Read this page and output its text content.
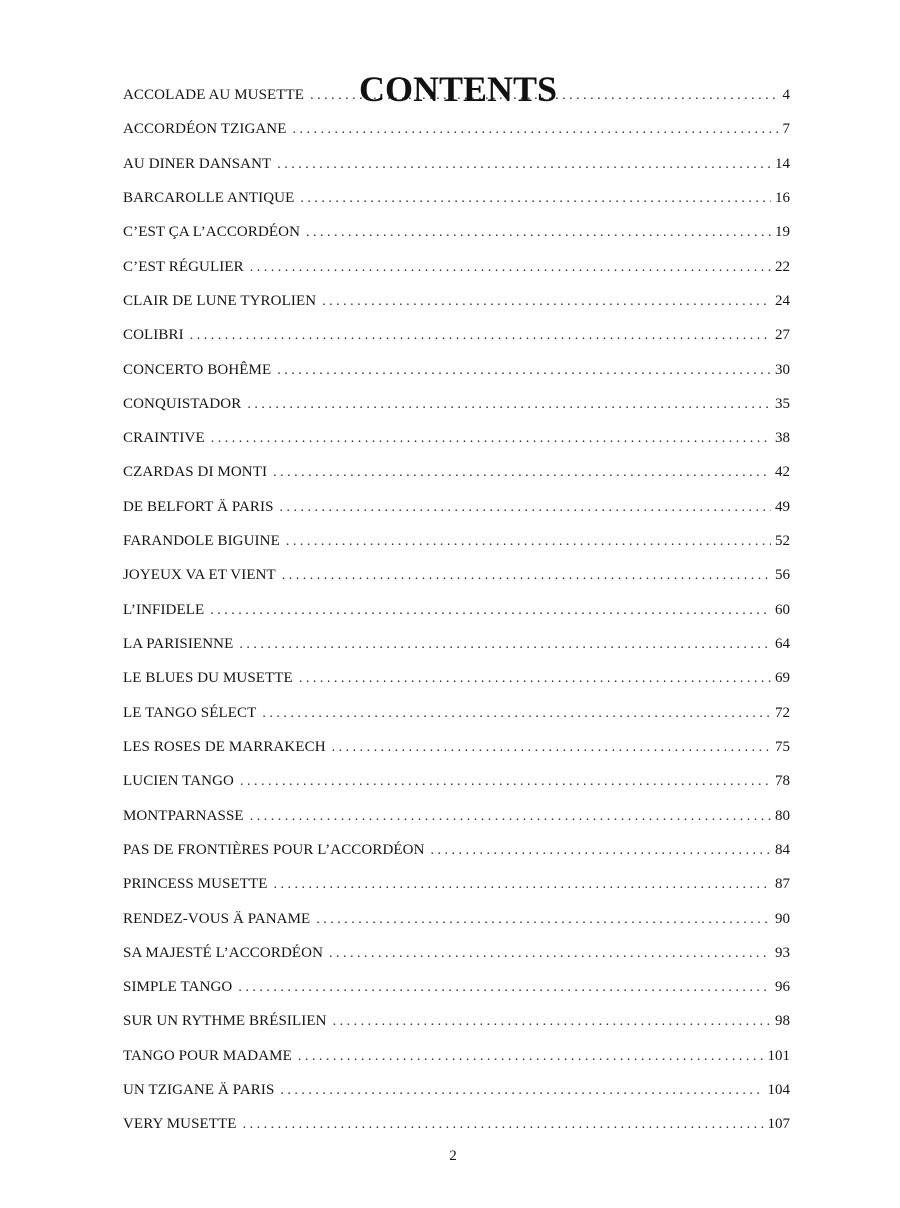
CONTENTS
ACCOLADE AU MUSETTE . . .	4
ACCORDÉON TZIGANE . . .	7
AU DINER DANSANT . . .	14
BARCAROLLE ANTIQUE . . .	16
C’EST ÇA L’ACCORDÉON . . .	19
C’EST RÉGULIER . . .	22
CLAIR DE LUNE TYROLIEN . . .	24
COLIBRI . . .	27
CONCERTO BOHÊME . . .	30
CONQUISTADOR . . .	35
CRAINTIVE . . .	38
CZARDAS DI MONTI . . .	42
DE BELFORT Ä PARIS . . .	49
FARANDOLE BIGUINE . . .	52
JOYEUX VA ET VIENT . . .	56
L’INFIDELE . . .	60
LA PARISIENNE . . .	64
LE BLUES DU MUSETTE . . .	69
LE TANGO SÉLECT . . .	72
LES ROSES DE MARRAKECH . . .	75
LUCIEN TANGO . . .	78
MONTPARNASSE . . .	80
PAS DE FRONTIÈRES POUR L’ACCORDÉON . . .	84
PRINCESS MUSETTE . . .	87
RENDEZ-VOUS Ä PANAME . . .	90
SA MAJESTÉ L’ACCORDÉON . . .	93
SIMPLE TANGO . . .	96
SUR UN RYTHME BRÉSILIEN . . .	98
TANGO POUR MADAME . . .	101
UN TZIGANE Ä PARIS . . .	104
VERY MUSETTE . . .	107
2
